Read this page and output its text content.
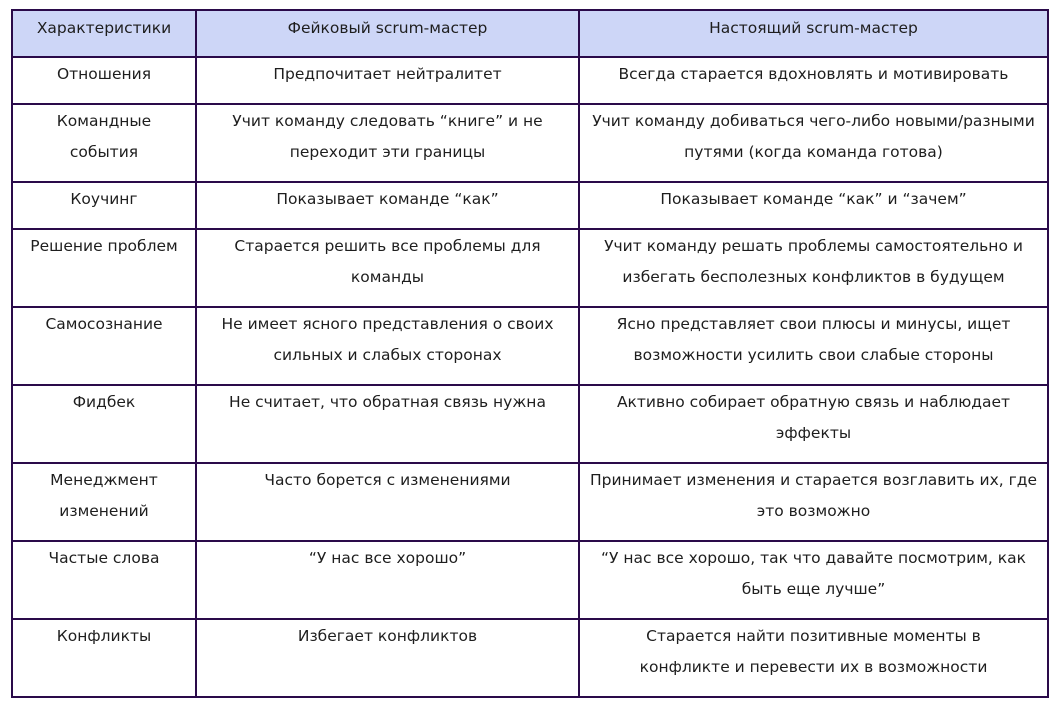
Характеристики	Фейковый scrum-мастер	Настоящий scrum-мастер
Отношения	Предпочитает нейтралитет	Всегда старается вдохновлять и мотивировать
Командные события	Учит команду следовать “книге” и не переходит эти границы	Учит команду добиваться чего-либо новыми/разными путями (когда команда готова)
Коучинг	Показывает команде “как”	Показывает команде “как” и “зачем”
Решение проблем	Старается решить все проблемы для команды	Учит команду решать проблемы самостоятельно и избегать бесполезных конфликтов в будущем
Самосознание	Не имеет ясного представления о своих сильных и слабых сторонах	Ясно представляет свои плюсы и минусы, ищет возможности усилить свои слабые стороны
Фидбек	Не считает, что обратная связь нужна	Активно собирает обратную связь и наблюдает эффекты
Менеджмент изменений	Часто борется с изменениями	Принимает изменения и старается возглавить их, где это возможно
Частые слова	“У нас все хорошо”	“У нас все хорошо, так что давайте посмотрим, как быть еще лучше”
Конфликты	Избегает конфликтов	Старается найти позитивные моменты в конфликте и перевести их в возможности
